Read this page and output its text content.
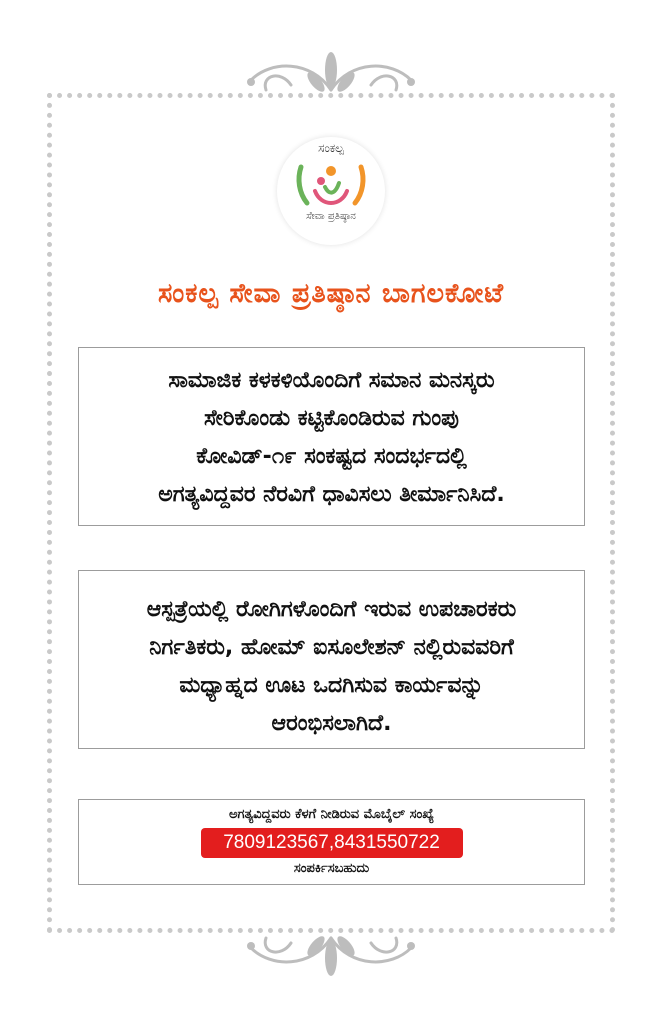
ಸಂಕಲ್ಪ
ಸೇವಾ ಪ್ರತಿಷ್ಠಾನ
ಸಂಕಲ್ಪ ಸೇವಾ ಪ್ರತಿಷ್ಠಾನ ಬಾಗಲಕೋಟೆ
ಸಾಮಾಜಿಕ ಕಳಕಳಿಯೊಂದಿಗೆ ಸಮಾನ ಮನಸ್ಕರು
ಸೇರಿಕೊಂಡು ಕಟ್ಟಿಕೊಂಡಿರುವ ಗುಂಪು
ಕೋವಿಡ್-೧೯ ಸಂಕಷ್ಟದ ಸಂದರ್ಭದಲ್ಲಿ
ಅಗತ್ಯವಿದ್ದವರ ನೆರವಿಗೆ ಧಾವಿಸಲು ತೀರ್ಮಾನಿಸಿದೆ.
ಆಸ್ಪತ್ರೆಯಲ್ಲಿ ರೋಗಿಗಳೊಂದಿಗೆ ಇರುವ ಉಪಚಾರಕರು
ನಿರ್ಗತಿಕರು, ಹೋಮ್ ಐಸೂಲೇಶನ್ ನಲ್ಲಿರುವವರಿಗೆ
ಮಧ್ಯಾಹ್ನದ ಊಟ ಒದಗಿಸುವ ಕಾರ್ಯವನ್ನು
ಆರಂಭಿಸಲಾಗಿದೆ.
ಅಗತ್ಯವಿದ್ದವರು ಕೆಳಗೆ ನೀಡಿರುವ ಮೊಬೈಲ್ ಸಂಖ್ಯೆ
7809123567,8431550722
ಸಂಪರ್ಕಿಸಬಹುದು
